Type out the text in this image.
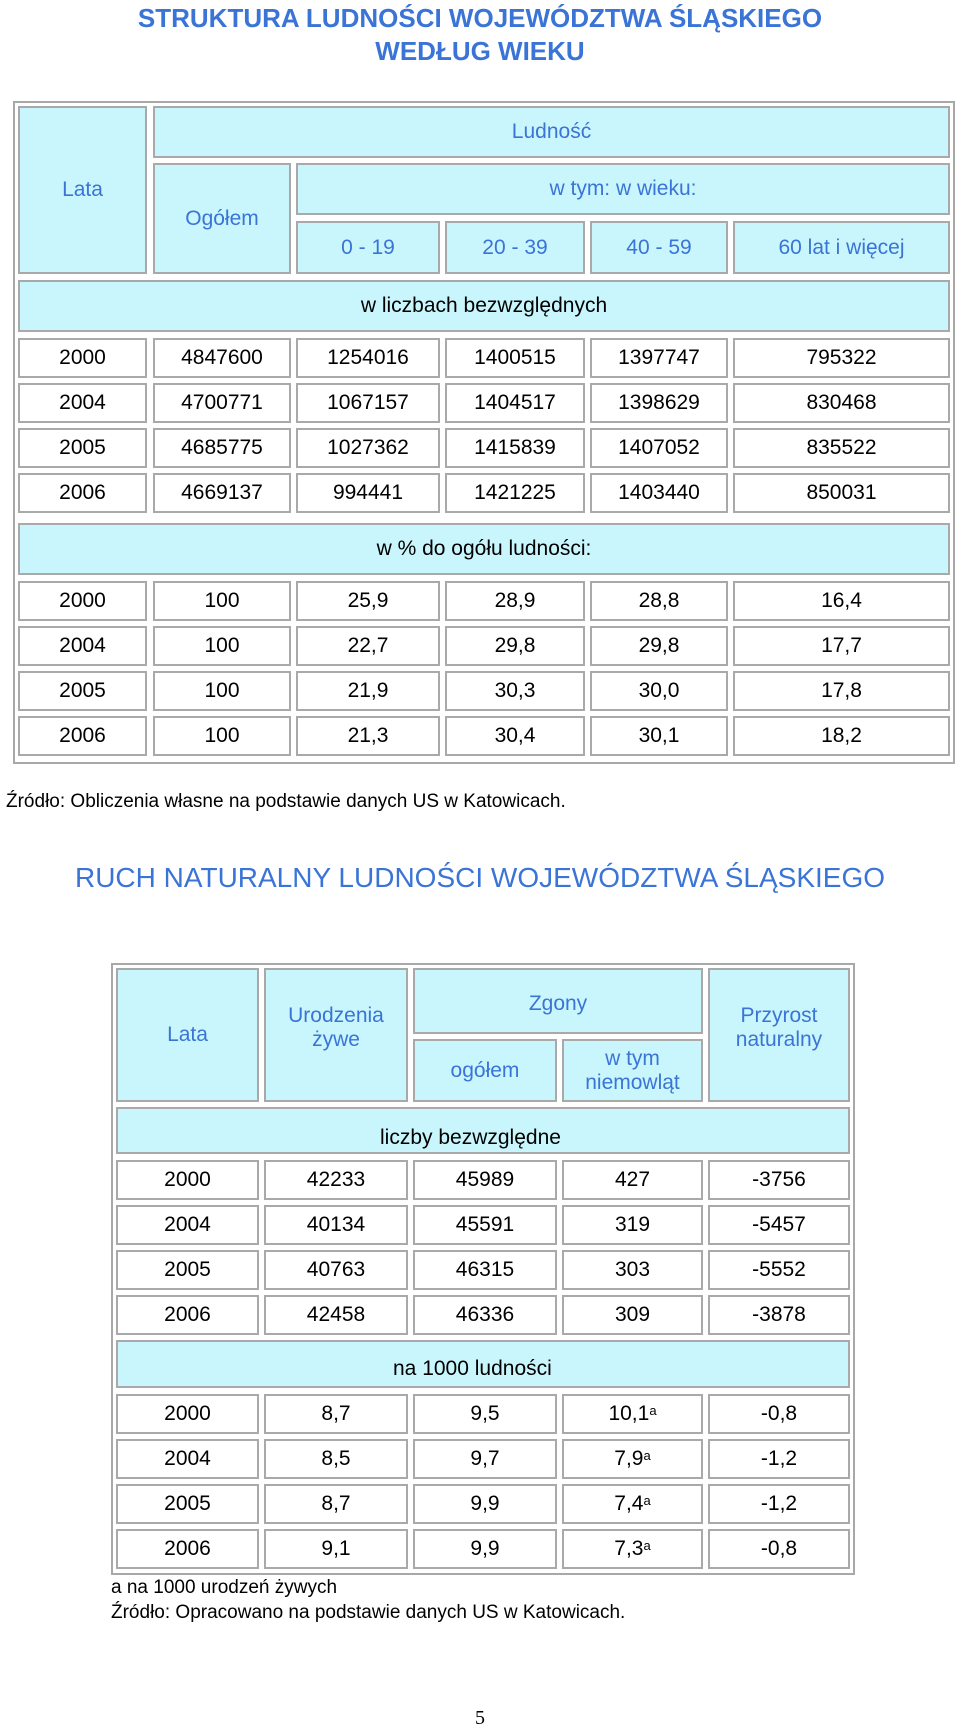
STRUKTURA LUDNOŚCI WOJEWÓDZTWA ŚLĄSKIEGO
WEDŁUG WIEKU
Lata
Ludność
Ogółem
w tym: w wieku:
0 - 19	20 - 39	40 - 59	60 lat i więcej
w liczbach bezwzględnych
2000	4847600	1254016	1400515	1397747	795322
2004	4700771	1067157	1404517	1398629	830468
2005	4685775	1027362	1415839	1407052	835522
2006	4669137	994441	1421225	1403440	850031
w % do ogółu ludności:
2000	100	25,9	28,9	28,8	16,4
2004	100	22,7	29,8	29,8	17,7
2005	100	21,9	30,3	30,0	17,8
2006	100	21,3	30,4	30,1	18,2
Źródło: Obliczenia własne na podstawie danych US w Katowicach.
RUCH NATURALNY LUDNOŚCI WOJEWÓDZTWA ŚLĄSKIEGO
Lata
Urodzenia
żywe
Zgony
ogółem
w tym
niemowląt
Przyrost
naturalny
liczby bezwzględne
2000	42233	45989	427	-3756
2004	40134	45591	319	-5457
2005	40763	46315	303	-5552
2006	42458	46336	309	-3878
na 1000 ludności
2000	8,7	9,5	10,1$^a$	-0,8
2004	8,5	9,7	7,9$^a$	-1,2
2005	8,7	9,9	7,4$^a$	-1,2
2006	9,1	9,9	7,3$^a$	-0,8
a na 1000 urodzeń żywych
Źródło: Opracowano na podstawie danych US w Katowicach.
5
